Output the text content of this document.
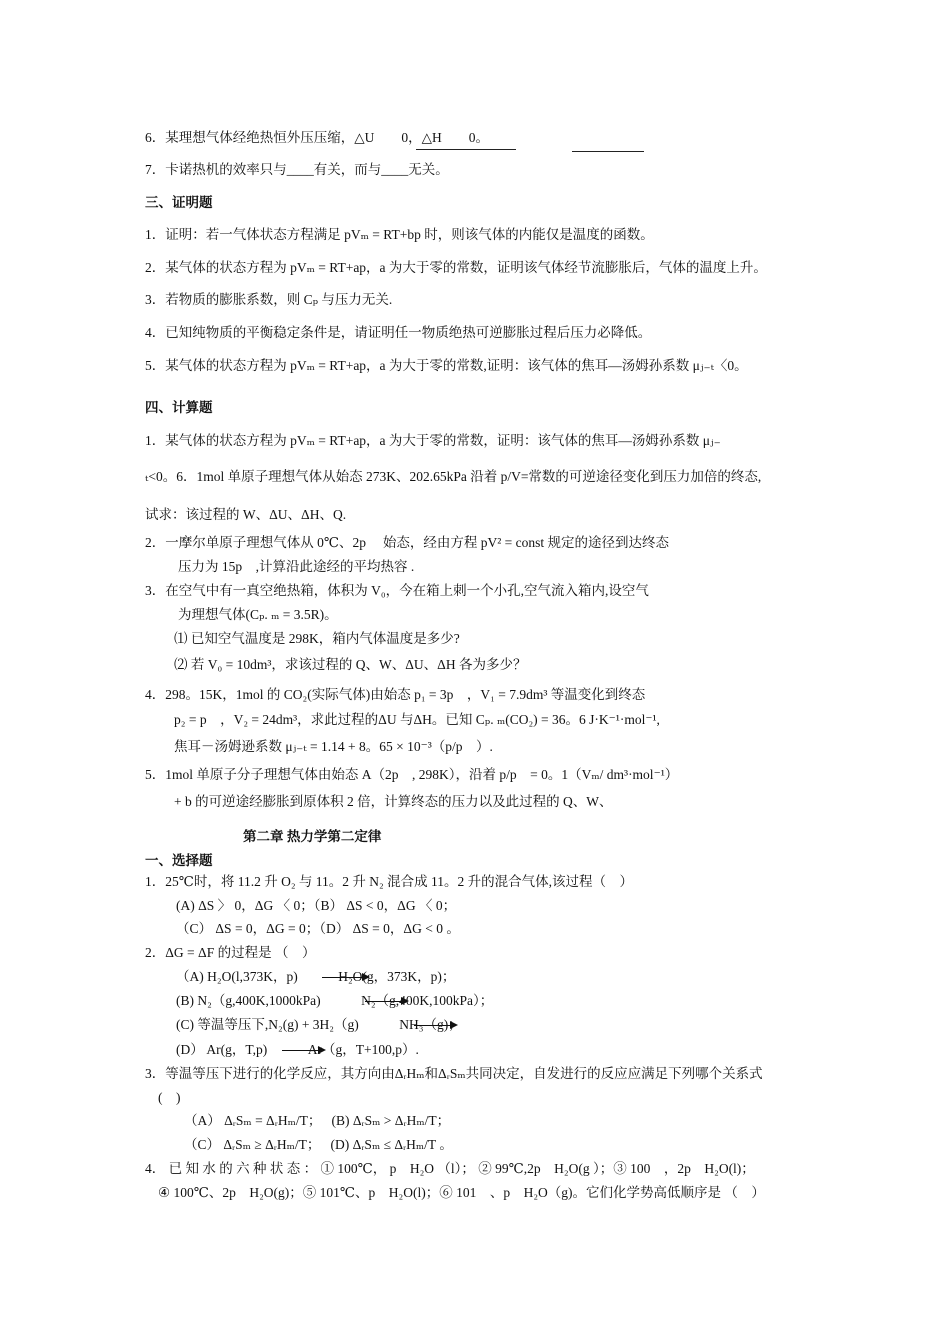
6．某理想气体经绝热恒外压压缩，△U　　0，△H　　0。
7．卡诺热机的效率只与____有关，而与____无关。
三、证明题
1．证明：若一气体状态方程满足 pVₘ = RT+bp 时，则该气体的内能仅是温度的函数。
2．某气体的状态方程为 pVₘ = RT+ap，a 为大于零的常数，证明该气体经节流膨胀后，气体的温度上升。
3．若物质的膨胀系数，则 Cₚ 与压力无关.
4．已知纯物质的平衡稳定条件是，请证明任一物质绝热可逆膨胀过程后压力必降低。
5．某气体的状态方程为 pVₘ = RT+ap，a 为大于零的常数,证明：该气体的焦耳—汤姆孙系数 μⱼ₋ₜ〈0。
四、计算题
1．某气体的状态方程为 pVₘ = RT+ap，a 为大于零的常数，证明：该气体的焦耳—汤姆孙系数 μⱼ₋
ₜ<0。6．1mol 单原子理想气体从始态 273K、202.65kPa 沿着 p/V=常数的可逆途径变化到压力加倍的终态,
试求：该过程的 W、ΔU、ΔH、Q.
2．一摩尔单原子理想气体从 0℃、2p　 始态，经由方程 pV² = const 规定的途径到达终态
压力为 15p　,计算沿此途经的平均热容 .
3．在空气中有一真空绝热箱，体积为 V₀，今在箱上刺一个小孔,空气流入箱内,设空气
为理想气体(Cₚ. ₘ = 3.5R)。
⑴ 已知空气温度是 298K，箱内气体温度是多少?
⑵ 若 V₀ = 10dm³，求该过程的 Q、W、ΔU、ΔH 各为多少？
4．298。15K，1mol 的 CO₂(实际气体)由始态 p₁ = 3p　，V₁ = 7.9dm³ 等温变化到终态
p₂ = p　，V₂ = 24dm³，求此过程的ΔU 与ΔH。已知 Cₚ. ₘ(CO₂) = 36。6 J·K⁻¹·mol⁻¹,
焦耳－汤姆逊系数 μⱼ₋ₜ = 1.14 + 8。65 × 10⁻³（p/p　）.
5．1mol 单原子分子理想气体由始态 A（2p　, 298K），沿着 p/p　= 0。1（Vₘ/ dm³·mol⁻¹）
+ b 的可逆途经膨胀到原体积 2 倍，计算终态的压力以及此过程的 Q、W、
第二章 热力学第二定律
一、选择题
1．25℃时，将 11.2 升 O₂ 与 11。2 升 N₂ 混合成 11。2 升的混合气体,该过程（　）
(A) ΔS 〉 0，ΔG 〈 0；（B） ΔS < 0，ΔG 〈 0；
（C） ΔS = 0，ΔG = 0；（D） ΔS = 0，ΔG < 0 。
2．ΔG = ΔF 的过程是 （　）
（A) H₂O(l,373K，p)　　　H₂O(g，373K，p)；
(B) N₂（g,400K,1000kPa)　　　N₂（g,400K,100kPa）；
(C) 等温等压下,N₂(g) + 3H₂（g)　　　NH₃（g)；
(D） Ar(g，T,p)　　　Ar（g，T+100,p）.
3．等温等压下进行的化学反应，其方向由ΔᵣHₘ和ΔᵣSₘ共同决定，自发进行的反应应满足下列哪个关系式
(　)
（A） ΔᵣSₘ = ΔᵣHₘ/T；　 (B) ΔᵣSₘ > ΔᵣHₘ/T；
（C） ΔᵣSₘ ≥ ΔᵣHₘ/T；　 (D) ΔᵣSₘ ≤ ΔᵣHₘ/T 。
4． 已 知 水 的 六 种 状 态 ： ① 100℃， p　H₂O （l）； ② 99℃,2p　H₂O(g ）；③ 100　，2p　H₂O(l)；
④ 100℃、2p　H₂O(g)；⑤ 101℃、p　H₂O(l)；⑥ 101　、p　H₂O（g)。它们化学势高低顺序是 （　）
